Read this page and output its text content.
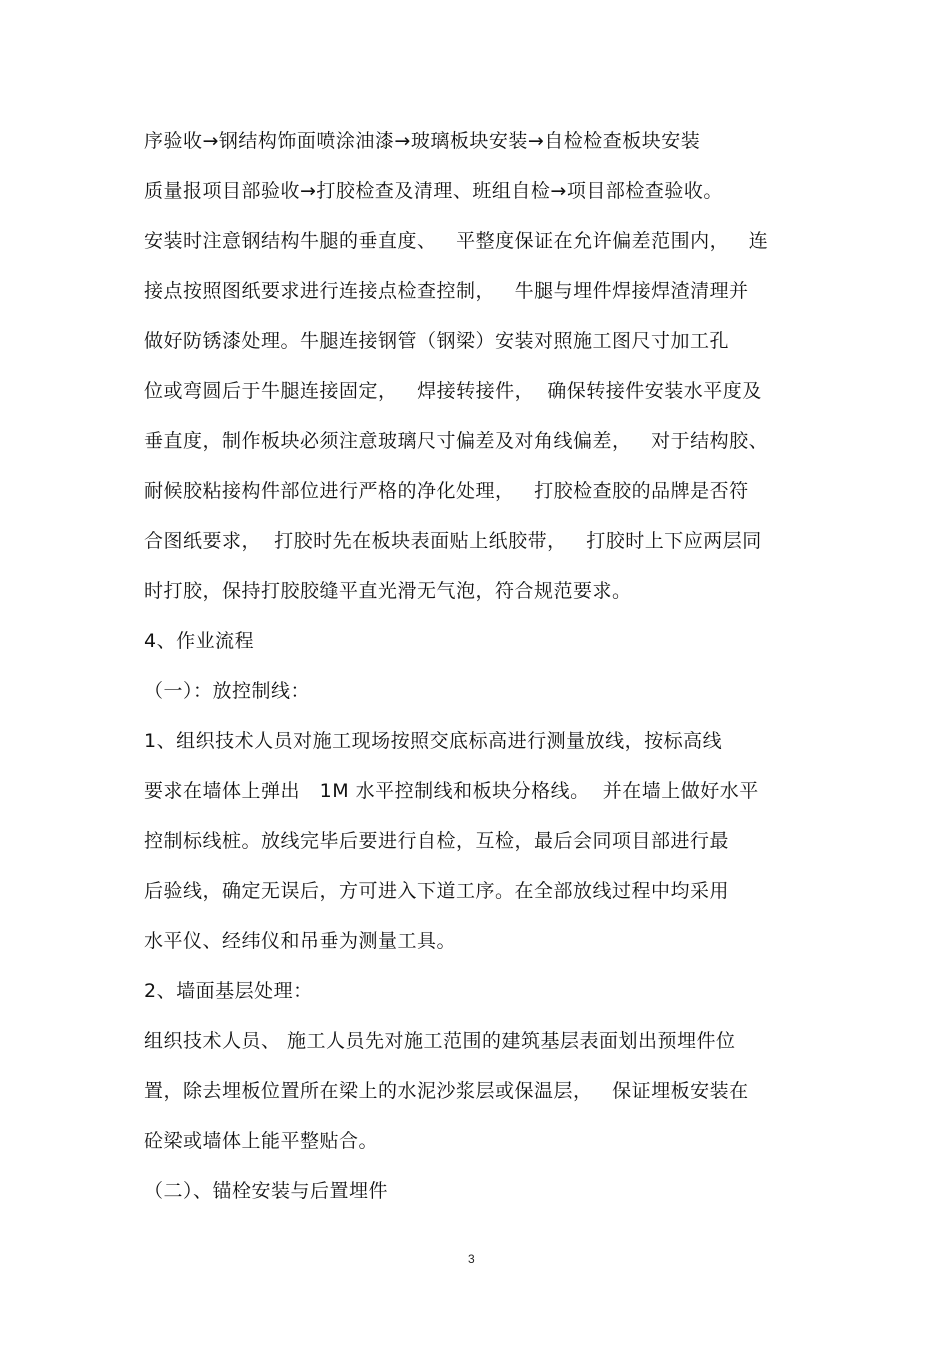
序验收→钢结构饰面喷涂油漆→玻璃板块安装→自检检查板块安装
质量报项目部验收→打胶检查及清理、班组自检→项目部检查验收。
安装时注意钢结构牛腿的垂直度、   平整度保证在允许偏差范围内，   连
接点按照图纸要求进行连接点检查控制，   牛腿与埋件焊接焊渣清理并
做好防锈漆处理。牛腿连接钢管（钢梁）安装对照施工图尺寸加工孔
位或弯圆后于牛腿连接固定，   焊接转接件，  确保转接件安装水平度及
垂直度，制作板块必须注意玻璃尺寸偏差及对角线偏差，   对于结构胶、
耐候胶粘接构件部位进行严格的净化处理，   打胶检查胶的品牌是否符
合图纸要求，  打胶时先在板块表面贴上纸胶带，   打胶时上下应两层同
时打胶，保持打胶胶缝平直光滑无气泡，符合规范要求。
4、作业流程
（一）：放控制线：
1、组织技术人员对施工现场按照交底标高进行测量放线，按标高线
要求在墙体上弹出   1M 水平控制线和板块分格线。  并在墙上做好水平
控制标线桩。放线完毕后要进行自检，互检，最后会同项目部进行最
后验线，确定无误后，方可进入下道工序。在全部放线过程中均采用
水平仪、经纬仪和吊垂为测量工具。
2、墙面基层处理：
组织技术人员、 施工人员先对施工范围的建筑基层表面划出预埋件位
置，除去埋板位置所在梁上的水泥沙浆层或保温层，   保证埋板安装在
砼梁或墙体上能平整贴合。
（二）、锚栓安装与后置埋件
3
